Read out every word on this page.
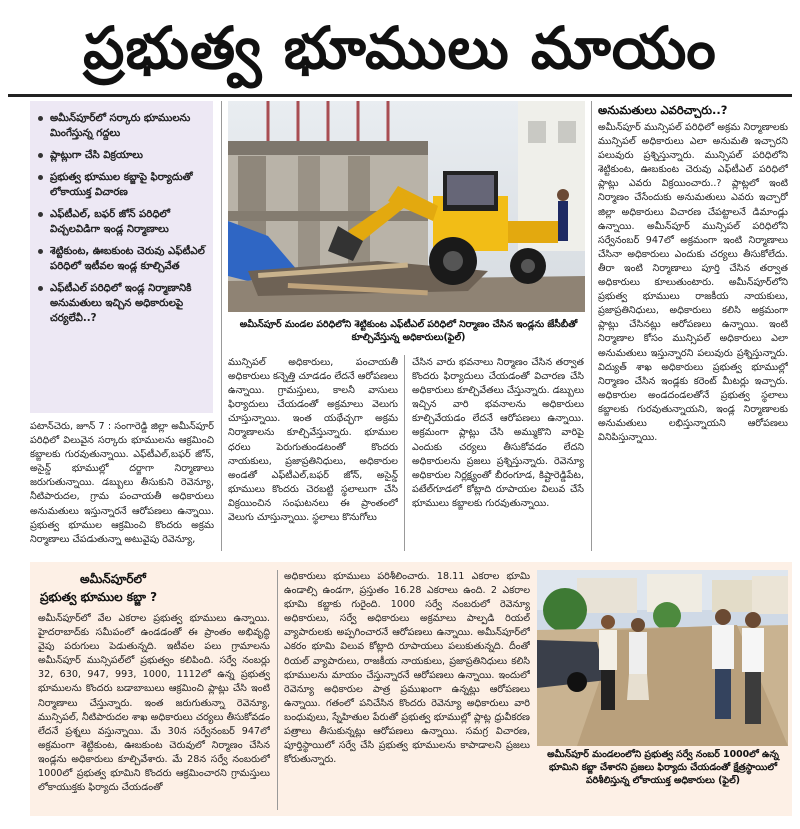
ప్రభుత్వ భూములు మాయం
అమీన్‌పూర్‌లో సర్కారు భూములను మింగేస్తున్న గద్దలు
ప్లాట్లుగా చేసి విక్రయాలు
ప్రభుత్వ భూముల కబ్జాపై ఫిర్యాదుతో లోకాయుక్త విచారణ
ఎఫ్‌టీఎల్, బఫర్ జోన్ పరిధిలో విచ్చలవిడిగా ఇండ్ల నిర్మాణాలు
శెట్టికుంట, ఊబకుంట చెరువు ఎఫ్‌టీఎల్ పరిధిలో ఇటీవల ఇండ్ల కూల్చివేత
ఎఫ్‌టీఎల్ పరిధిలో ఇండ్ల నిర్మాణానికి అనుమతులు ఇచ్చిన అధికారులపై చర్యలేవీ..?
అమీన్‌పూర్ మండల పరిధిలోని శెట్టికుంట ఎఫ్‌టీఎల్ పరిధిలో నిర్మాణం చేసిన ఇండ్లను జేసీబీతో కూల్చివేస్తున్న అధికారులు(ఫైల్)
పటాన్‌చెరు, జూన్ 7 : సంగారెడ్డి జిల్లా అమీన్‌పూర్ పరిధిలో విలువైన సర్కారు భూములను ఆక్రమించి కబ్జాలకు గురవుతున్నాయి. ఎఫ్‌టీఎల్,బఫర్ జోన్, అసైన్డ్ భూముల్లో దర్జాగా నిర్మాణాలు జరుగుతున్నాయి. డబ్బులు తీసుకుని రెవెన్యూ, నీటిపారుదల, గ్రామ పంచాయతీ అధికారులు అనుమతులు ఇస్తున్నారనే ఆరోపణలు ఉన్నాయి. ప్రభుత్వ భూముల ఆక్రమించి కొందరు అక్రమ నిర్మాణాలు చేపడుతున్నా అటువైపు రెవెన్యూ,
మున్సిపల్ అధికారులు, పంచాయతీ అధికారులు కన్నెత్తి చూడడం లేదనే ఆరోపణలు ఉన్నాయి. గ్రామస్తులు, కాలనీ వాసులు ఫిర్యాదులు చేయడంతో అక్రమాలు వెలుగు చూస్తున్నాయి. ఇంత యథేచ్ఛగా అక్రమ నిర్మాణాలను కూల్చివేస్తున్నారు. భూముల ధరలు పెరుగుతుండటంతో కొందరు నాయకులు, ప్రజాప్రతినిధులు, అధికారుల అండతో ఎఫ్‌టీఎల్,బఫర్ జోన్, అసైన్డ్ భూములు కొందరు చెరబట్టి స్థలాలుగా చేసి విక్రయించిన సంఘటనలు ఈ ప్రాంతంలో వెలుగు చూస్తున్నాయి. స్థలాలు కొనుగోలు
చేసిన వారు భవనాలు నిర్మాణం చేసిన తర్వాత కొందరు ఫిర్యాదులు చేయడంతో విచారణ చేసి అధికారులు కూల్చివేతలు చేస్తున్నారు. డబ్బులు ఇచ్చిన వారి భవనాలను అధికారులు కూల్చివేయడం లేదనే ఆరోపణలు ఉన్నాయి. అక్రమంగా ప్లాట్లు చేసి అమ్ముకొని వారిపై ఎందుకు చర్యలు తీసుకోవడం లేదని అధికారులను ప్రజలు ప్రశ్నిస్తున్నారు. రెవెన్యూ అధికారుల నిర్లక్ష్యంతో బీరంగూడ, కిష్టారెడ్డిపేట, పటేల్‌గూడలో కోట్లాది రూపాయల విలువ చేసే భూములు కబ్జాలకు గురవుతున్నాయి.
అనుమతులు ఎవరిచ్చారు..?
అమీన్‌పూర్ మున్సిపల్ పరిధిలో అక్రమ నిర్మాణాలకు మున్సిపల్ అధికారులు ఎలా అనుమతి ఇచ్చారని పలువురు ప్రశ్నిస్తున్నారు. మున్సిపల్ పరిధిలోని శెట్టికుంట, ఊబకుంట చెరువు ఎఫ్‌టీఎల్ పరిధిలో ప్లాట్లు ఎవరు విక్రయించారు..? ప్లాట్లలో ఇంటి నిర్మాణం చేసేందుకు అనుమతులు ఎవరు ఇచ్చారో జిల్లా అధికారులు విచారణ చేపట్టాలనే డిమాండ్లు ఉన్నాయి. అమీన్‌పూర్ మున్సిపల్ పరిధిలోని సర్వేనంబర్ 947లో అక్రమంగా ఇంటి నిర్మాణాలు చేసినా అధికారులు ఎందుకు చర్యలు తీసుకోలేదు. తీరా ఇంటి నిర్మాణాలు పూర్తి చేసిన తర్వాత అధికారులు కూలుతుంటారు. అమీన్‌పూర్‌లోని ప్రభుత్వ భూములు రాజకీయ నాయకులు, ప్రజాప్రతినిధులు, అధికారులు కలిసి అక్రమంగా ప్లాట్లు చేసినట్లు ఆరోపణలు ఉన్నాయి. ఇంటి నిర్మాణాల కోసం మున్సిపల్ అధికారులు ఎలా అనుమతులు ఇస్తున్నారని పలువురు ప్రశ్నిస్తున్నారు. విద్యుత్ శాఖ అధికారులు ప్రభుత్వ భూముల్లో నిర్మాణం చేసిన ఇండ్లకు కరెంట్ మీటర్లు ఇచ్చారు. అధికారుల అండదండలతోనే ప్రభుత్వ స్థలాలు కబ్జాలకు గురవుతున్నాయని, ఇండ్ల నిర్మాణాలకు అనుమతులు లభిస్తున్నాయని ఆరోపణలు వినిపిస్తున్నాయి.
అమీన్‌పూర్‌లో
ప్రభుత్వ భూముల కబ్జా ?
అమీన్‌పూర్‌లో వేల ఎకరాల ప్రభుత్వ భూములు ఉన్నాయి. హైదరాబాద్‌కు సమీపంలో ఉండడంతో ఈ ప్రాంతం అభివృద్ధి వైపు పరుగులు పెడుతున్నది. ఇటీవల పలు గ్రామాలను అమీన్‌పూర్ మున్సిపల్‌లో ప్రభుత్వం కలిపింది. సర్వే నంబర్లు 32, 630, 947, 993, 1000, 1112లో ఉన్న ప్రభుత్వ భూములను కొందరు బడాబాబులు ఆక్రమించి ప్లాట్లు చేసి ఇంటి నిర్మాణాలు చేస్తున్నారు. ఇంత జరుగుతున్నా రెవెన్యూ, మున్సిపల్, నీటిపారుదల శాఖ అధికారులు చర్యలు తీసుకోవడం లేదనే ప్రశ్నలు వస్తున్నాయి. మే 30న సర్వేనంబర్ 947లో అక్రమంగా శెట్టికుంట, ఊబకుంట చెరువులో నిర్మాణం చేసిన ఇండ్లను అధికారులు కూల్చివేశారు. మే 28న సర్వే నంబరులో 1000లో ప్రభుత్వ భూమిని కొందరు ఆక్రమించారని గ్రామస్తులు లోకాయుక్తకు ఫిర్యాదు చేయడంతో
అధికారులు భూములు పరిశీలించారు. 18.11 ఎకరాల భూమి ఉండాల్సి ఉండగా, ప్రస్తుతం 16.28 ఎకరాలు ఉంది. 2 ఎకరాల భూమి కబ్జాకు గురైంది. 1000 సర్వే నంబరులో రెవెన్యూ అధికారులు, సర్వే అధికారులు అక్రమాలు పాల్పడి రియల్ వ్యాపారులకు అప్పగించారనే ఆరోపణలు ఉన్నాయి. అమీన్‌పూర్‌లో ఎకరం భూమి విలువ కోట్లాది రూపాయలు పలుకుతున్నది. దీంతో రియల్ వ్యాపారులు, రాజకీయ నాయకులు, ప్రజాప్రతినిధులు కలిసి భూములను మాయం చేస్తున్నారనే ఆరోపణలు ఉన్నాయి. ఇందులో రెవెన్యూ అధికారుల పాత్ర ప్రముఖంగా ఉన్నట్లు ఆరోపణలు ఉన్నాయి. గతంలో పనిచేసిన కొందరు రెవెన్యూ అధికారులు వారి బంధువులు, స్నేహితుల పేరుతో ప్రభుత్వ భూముల్లో ప్లాట్ల ధ్రువీకరణ పత్రాలు తీసుకున్నట్లు ఆరోపణలు ఉన్నాయి. సమగ్ర విచారణ, పూర్తిస్థాయిలో సర్వే చేసి ప్రభుత్వ భూములను కాపాడాలని ప్రజలు కోరుతున్నారు.	అమీన్‌పూర్ మండలంలోని ప్రభుత్వ సర్వే నంబర్ 1000లో ఉన్న భూమిని కబ్జా చేశారని ప్రజలు ఫిర్యాదు చేయడంతో క్షేత్రస్థాయిలో పరిశీలిస్తున్న లోకాయుక్త అధికారులు (ఫైల్)
